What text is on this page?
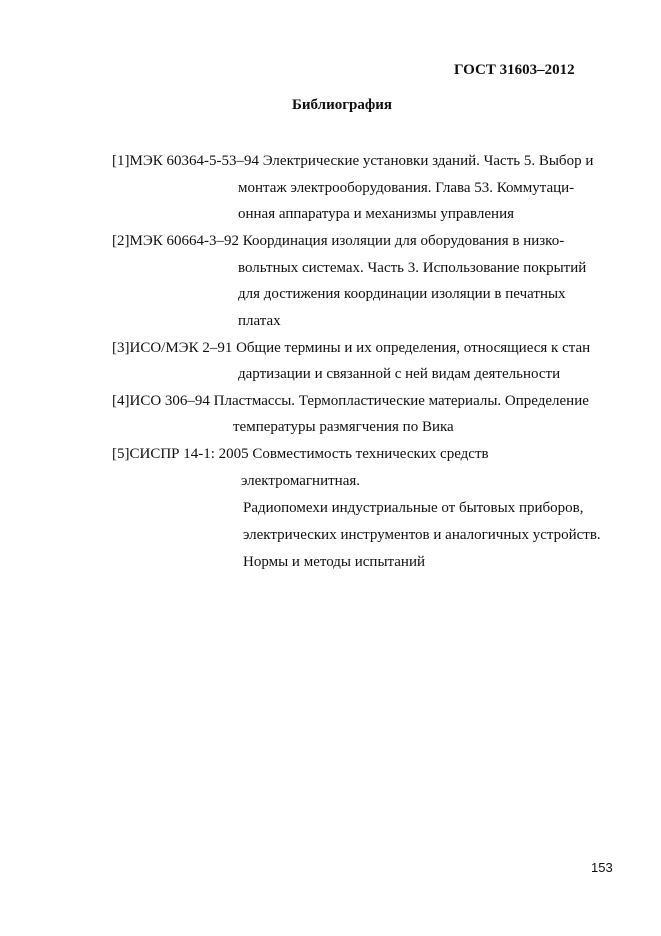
ГОСТ 31603–2012
Библиография
[1]МЭК 60364-5-53–94 Электрические установки зданий. Часть 5. Выбор и
монтаж электрооборудования. Глава 53. Коммутаци-
онная аппаратура и механизмы управления
[2]МЭК 60664-3–92 Координация изоляции для оборудования в низко-
вольтных системах. Часть 3. Использование покрытий
для достижения координации изоляции в печатных
платах
[3]ИСО/МЭК 2–91 Общие термины и их определения, относящиеся к стан
дартизации и связанной с ней видам деятельности
[4]ИСО 306–94 Пластмассы. Термопластические материалы. Определение
температуры размягчения по Вика
[5]СИСПР 14-1: 2005 Совместимость технических средств
электромагнитная.
Радиопомехи индустриальные от бытовых приборов,
электрических инструментов и аналогичных устройств.
Нормы и методы испытаний
153
